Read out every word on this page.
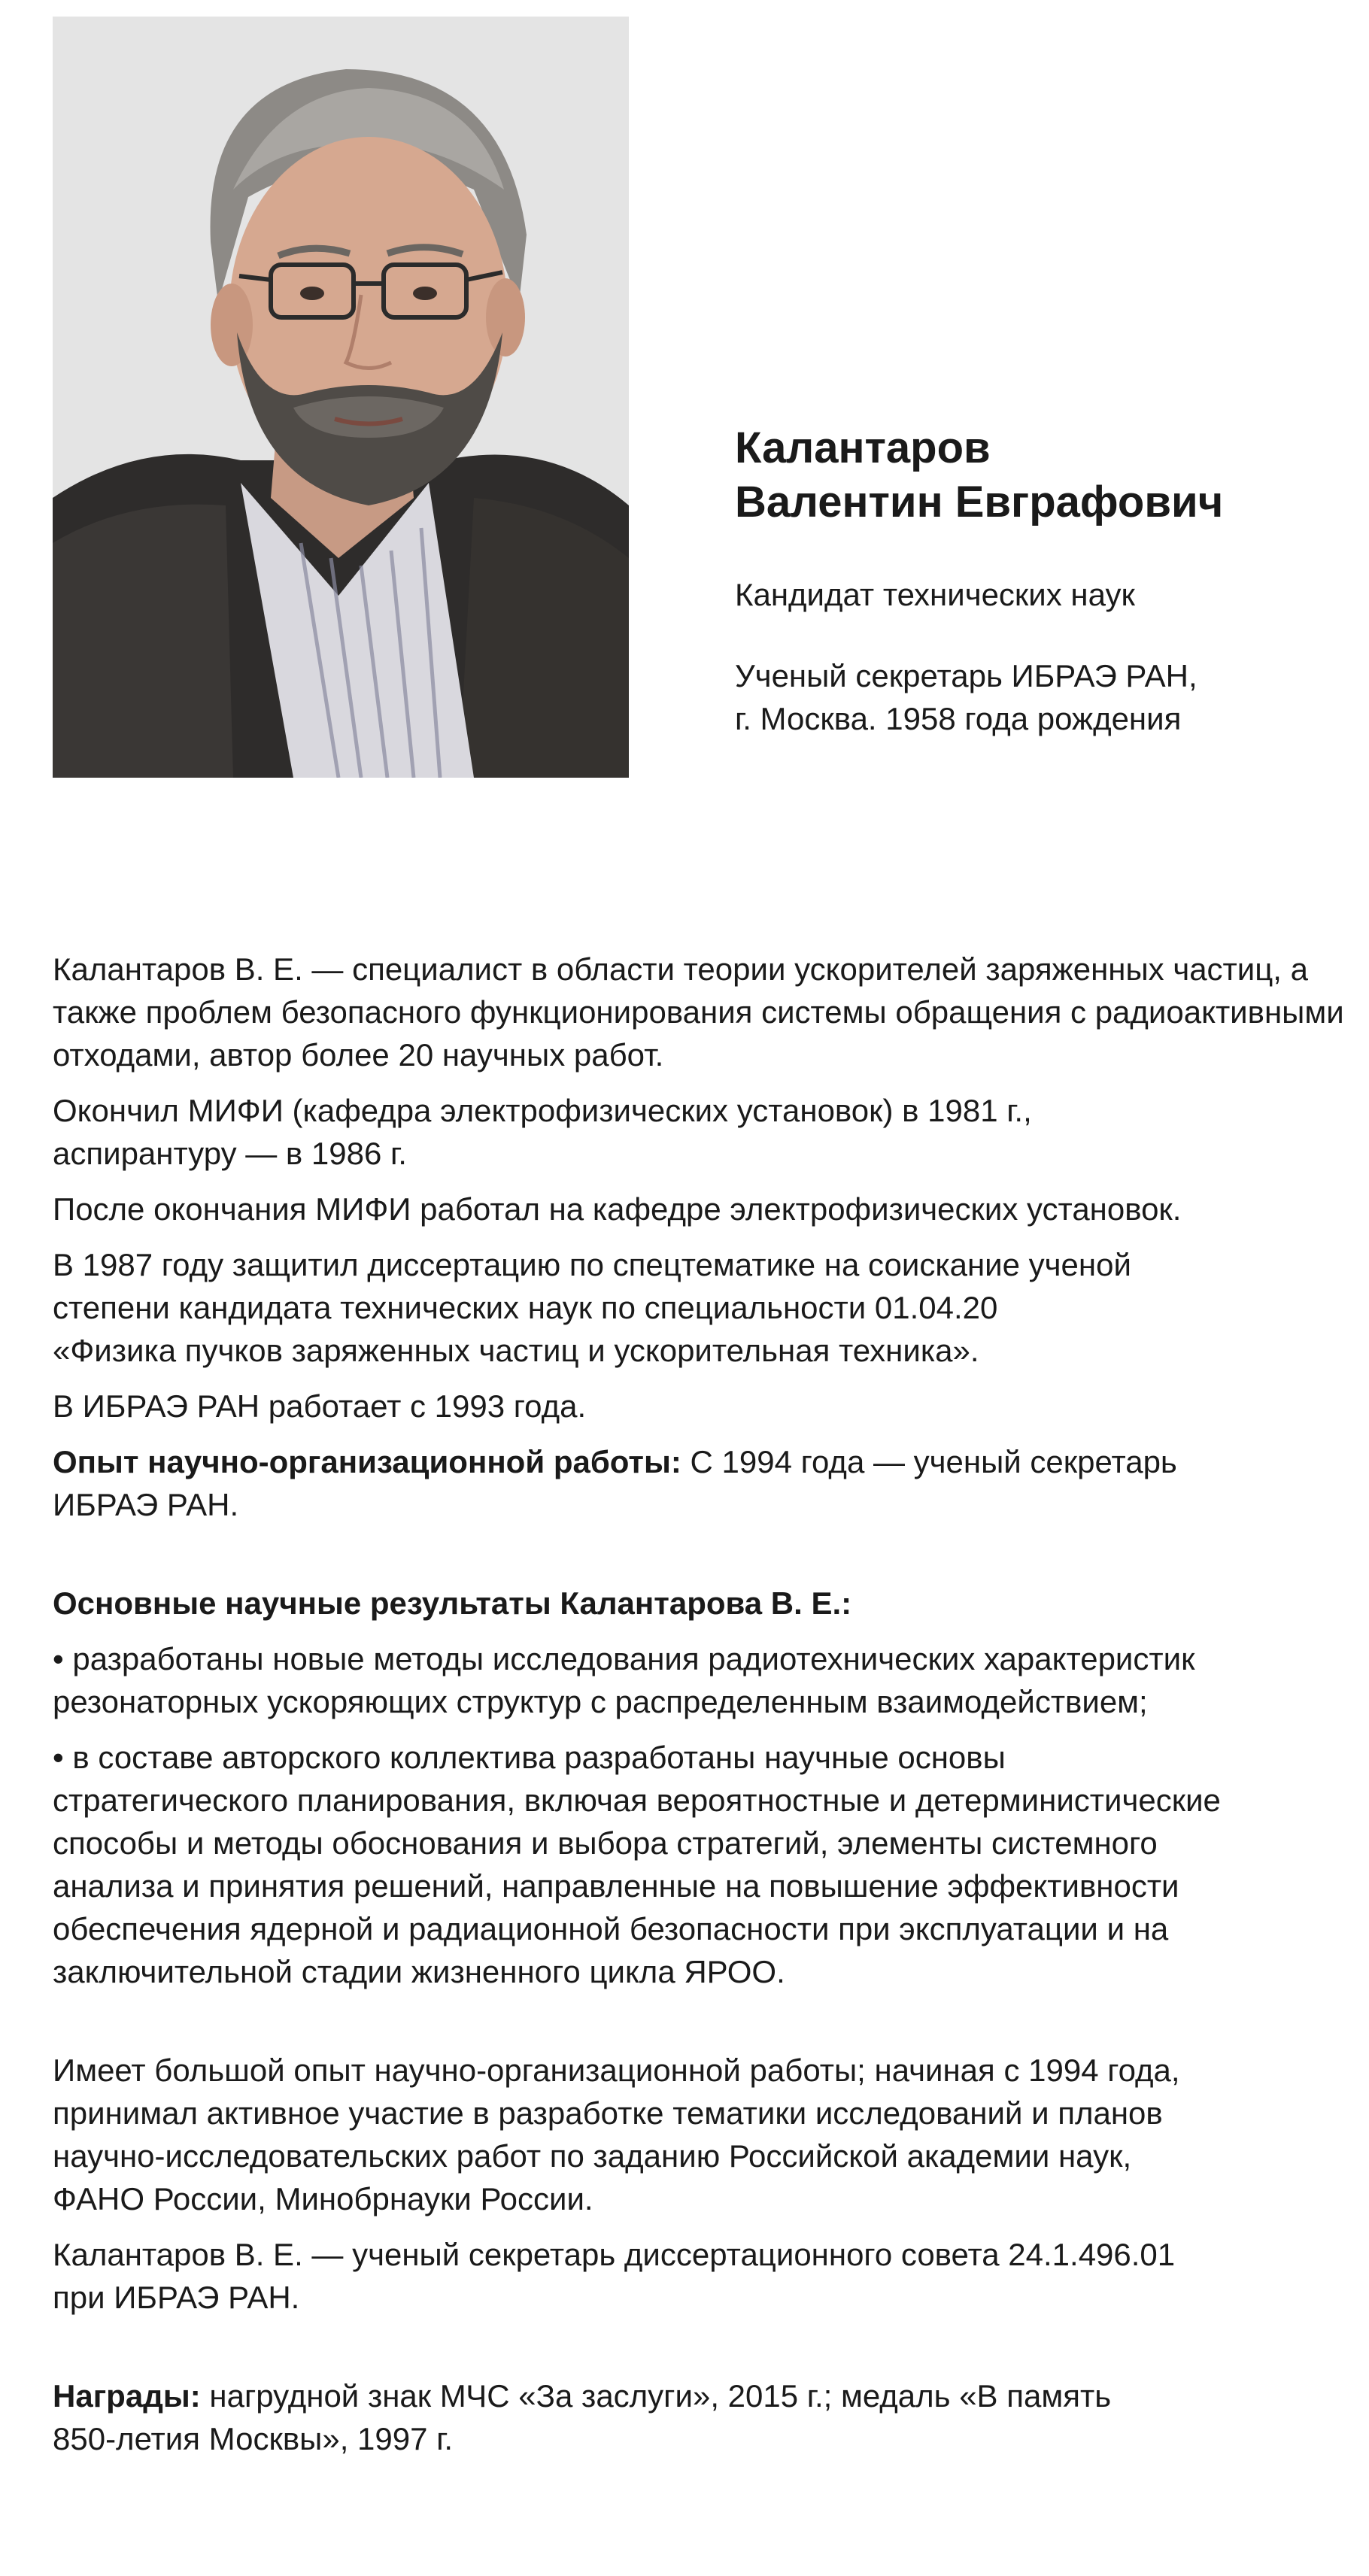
Калантаров
Валентин Евграфович
Кандидат технических наук
Ученый секретарь ИБРАЭ РАН,
г. Москва. 1958 года рождения

Калантаров В. Е. — специалист в области теории ускорителей заряженных частиц, а также проблем безопасного функционирования системы обращения с радиоактивными отходами, автор более 20 научных работ.

Окончил МИФИ (кафедра электрофизических установок) в 1981 г.,
аспирантуру — в 1986 г.

После окончания МИФИ работал на кафедре электрофизических установок.

В 1987 году защитил диссертацию по спецтематике на соискание ученой
степени кандидата технических наук по специальности 01.04.20
«Физика пучков заряженных частиц и ускорительная техника».

В ИБРАЭ РАН работает с 1993 года.

Опыт научно-организационной работы: С 1994 года — ученый секретарь
ИБРАЭ РАН.

Основные научные результаты Калантарова В. Е.:

• разработаны новые методы исследования радиотехнических характеристик
резонаторных ускоряющих структур с распределенным взаимодействием;

• в составе авторского коллектива разработаны научные основы
стратегического планирования, включая вероятностные и детерминистические
способы и методы обоснования и выбора стратегий, элементы системного
анализа и принятия решений, направленные на повышение эффективности
обеспечения ядерной и радиационной безопасности при эксплуатации и на
заключительной стадии жизненного цикла ЯРОО.

Имеет большой опыт научно-организационной работы; начиная с 1994 года,
принимал активное участие в разработке тематики исследований и планов
научно-исследовательских работ по заданию Российской академии наук,
ФАНО России, Минобрнауки России.

Калантаров В. Е. — ученый секретарь диссертационного совета 24.1.496.01
при ИБРАЭ РАН.

Награды: нагрудной знак МЧС «За заслуги», 2015 г.; медаль «В память
850-летия Москвы», 1997 г.
